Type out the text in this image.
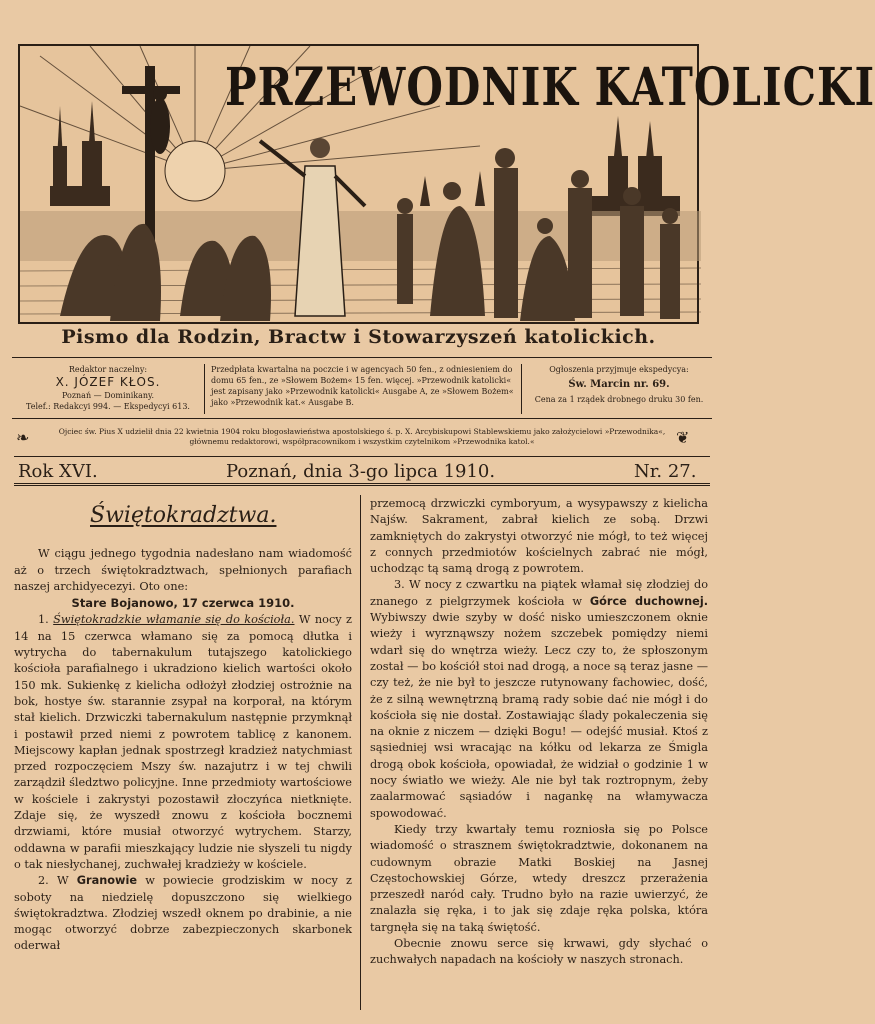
PRZEWODNIK KATOLICKI
Pismo dla Rodzin, Bractw i Stowarzyszeń katolickich.
Redaktor naczelny:
X. JÓZEF KŁOS.
Poznań — Dominikany.
Telef.: Redakcyi 994. — Ekspedycyi 613.
Przedpłata kwartalna na poczcie i w agencyach 50 fen., z odniesieniem do domu 65 fen., ze »Słowem Bożem« 15 fen. więcej. »Przewodnik katolicki« jest zapisany jako »Przewodnik katolicki« Ausgabe A, ze »Słowem Bożem« jako »Przewodnik kat.« Ausgabe B.
Ogłoszenia przyjmuje ekspedycya:
Św. Marcin nr. 69.
Cena za 1 rządek drobnego druku 30 fen.
❧	Ojciec św. Pius X udzielił dnia 22 kwietnia 1904 roku błogosławieństwa apostolskiego ś. p. X. Arcybiskupowi Stablewskiemu jako założycielowi »Przewodnika«, głównemu redaktorowi, współpracownikom i wszystkim czytelnikom »Przewodnika katol.«	❦
Rok XVI.	Poznań, dnia 3-go lipca 1910.	Nr. 27.
Świętokradztwa.

W ciągu jednego tygodnia nadesłano nam wiadomość aż o trzech świętokradztwach, spełnionych parafiach naszej archidyecezyi. Oto one:

Stare Bojanowo, 17 czerwca 1910.

1. Świętokradzkie włamanie się do kościoła. W nocy z 14 na 15 czerwca włamano się za pomocą dłutka i wytrycha do tabernakulum tutajszego katolickiego kościoła parafialnego i ukradziono kielich wartości około 150 mk. Sukienkę z kielicha odłożył złodziej ostrożnie na bok, hostye św. starannie zsypał na korporał, na którym stał kielich. Drzwiczki tabernakulum następnie przymknął i postawił przed niemi z powrotem tablicę z kanonem. Miejscowy kapłan jednak spostrzegł kradzież natychmiast przed rozpoczęciem Mszy św. nazajutrz i w tej chwili zarządził śledztwo policyjne. Inne przedmioty wartościowe w kościele i zakrystyi pozostawił złoczyńca nietknięte. Zdaje się, że wyszedł znowu z kościoła bocznemi drzwiami, które musiał otworzyć wytrychem. Starzy, oddawna w parafii mieszkający ludzie nie słyszeli tu nigdy o tak niesłychanej, zuchwałej kradzieży w kościele.

2. W Granowie w powiecie grodziskim w nocy z soboty na niedzielę dopuszczono się wielkiego świętokradztwa. Złodziej wszedł oknem po drabinie, a nie mogąc otworzyć dobrze zabezpieczonych skarbonek oderwał

przemocą drzwiczki cymboryum, a wysypawszy z kielicha Najśw. Sakrament, zabrał kielich ze sobą. Drzwi zamkniętych do zakrystyi otworzyć nie mógł, to też więcej z connych przedmiotów kościelnych zabrać nie mógł, uchodząc tą samą drogą z powrotem.

3. W nocy z czwartku na piątek włamał się złodziej do znanego z pielgrzymek kościoła w Górce duchownej. Wybiwszy dwie szyby w dość nisko umieszczonem oknie wieży i wyrznąwszy nożem szczebek pomiędzy niemi wdarł się do wnętrza wieży. Lecz czy to, że spłoszonym został — bo kościół stoi nad drogą, a noce są teraz jasne — czy też, że nie był to jeszcze rutynowany fachowiec, dość, że z silną wewnętrzną bramą rady sobie dać nie mógł i do kościoła się nie dostał. Zostawiając ślady pokaleczenia się na oknie z niczem — dzięki Bogu! — odejść musiał. Ktoś z sąsiedniej wsi wracając na kółku od lekarza ze Śmigla drogą obok kościoła, opowiadał, że widział o godzinie 1 w nocy światło we wieży. Ale nie był tak roztropnym, żeby zaalarmować sąsiadów i nagankę na włamywacza spowodować.

Kiedy trzy kwartały temu rozniosła się po Polsce wiadomość o strasznem świętokradztwie, dokonanem na cudownym obrazie Matki Boskiej na Jasnej Częstochowskiej Górze, wtedy dreszcz przerażenia przeszedł naród cały. Trudno było na razie uwierzyć, że znalazła się ręka, i to jak się zdaje ręka polska, która targnęła się na taką świętość.

Obecnie znowu serce się krwawi, gdy słychać o zuchwałych napadach na kościoły w naszych stronach.
